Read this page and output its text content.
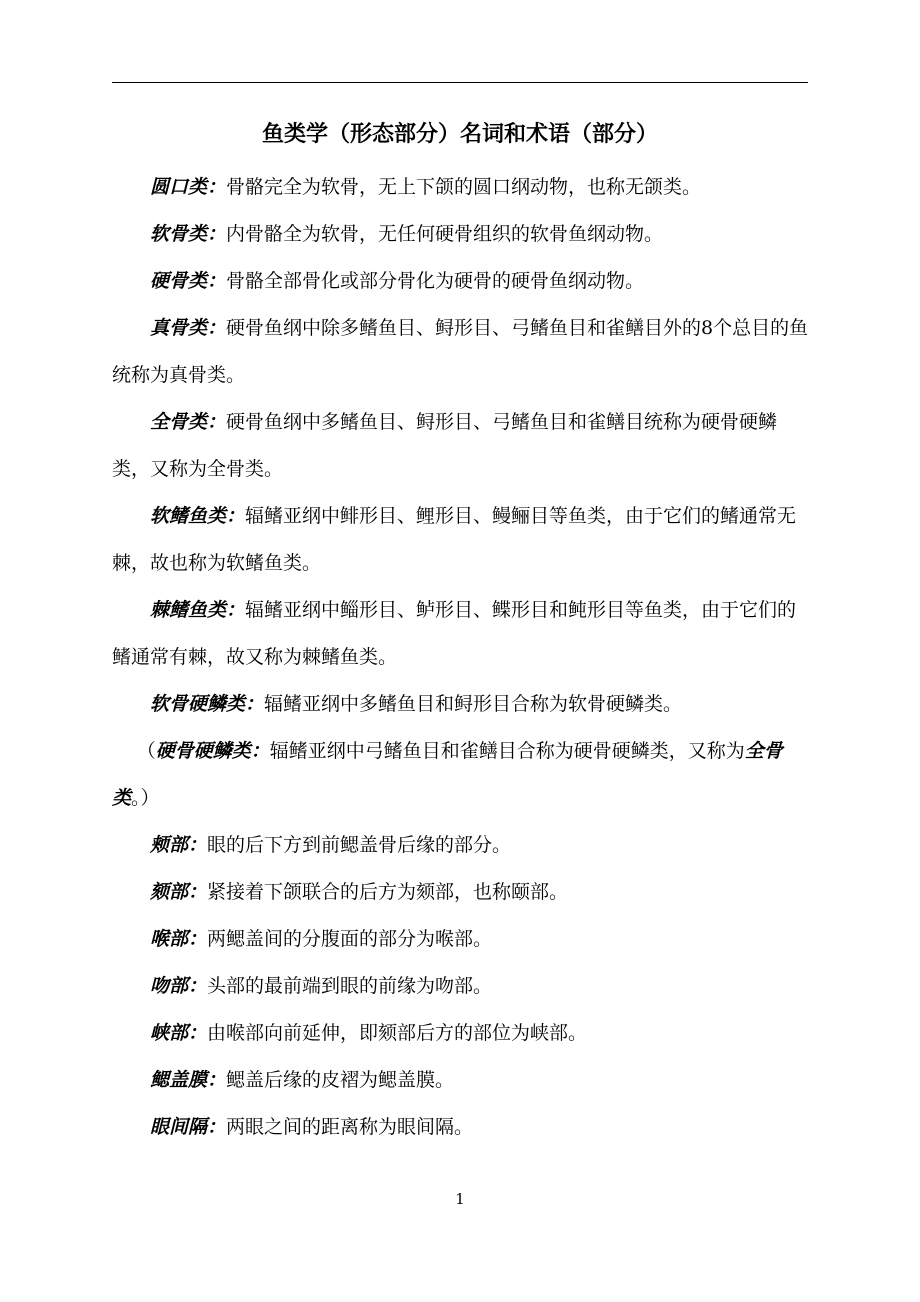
鱼类学（形态部分）名词和术语（部分）

圆口类：骨骼完全为软骨，无上下颌的圆口纲动物，也称无颌类。

软骨类：内骨骼全为软骨，无任何硬骨组织的软骨鱼纲动物。

硬骨类：骨骼全部骨化或部分骨化为硬骨的硬骨鱼纲动物。

真骨类：硬骨鱼纲中除多鳍鱼目、鲟形目、弓鳍鱼目和雀鳝目外的8个总目的鱼统称为真骨类。

全骨类：硬骨鱼纲中多鳍鱼目、鲟形目、弓鳍鱼目和雀鳝目统称为硬骨硬鳞类，又称为全骨类。

软鳍鱼类：辐鳍亚纲中鲱形目、鲤形目、鳗鲡目等鱼类，由于它们的鳍通常无棘，故也称为软鳍鱼类。

棘鳍鱼类：辐鳍亚纲中鲻形目、鲈形目、鲽形目和鲀形目等鱼类，由于它们的鳍通常有棘，故又称为棘鳍鱼类。

软骨硬鳞类：辐鳍亚纲中多鳍鱼目和鲟形目合称为软骨硬鳞类。

（硬骨硬鳞类：辐鳍亚纲中弓鳍鱼目和雀鳝目合称为硬骨硬鳞类，又称为全骨类。）

颊部：眼的后下方到前鳃盖骨后缘的部分。

颏部：紧接着下颌联合的后方为颏部，也称颐部。

喉部：两鳃盖间的分腹面的部分为喉部。

吻部：头部的最前端到眼的前缘为吻部。

峡部：由喉部向前延伸，即颏部后方的部位为峡部。

鳃盖膜：鳃盖后缘的皮褶为鳃盖膜。

眼间隔：两眼之间的距离称为眼间隔。

1
